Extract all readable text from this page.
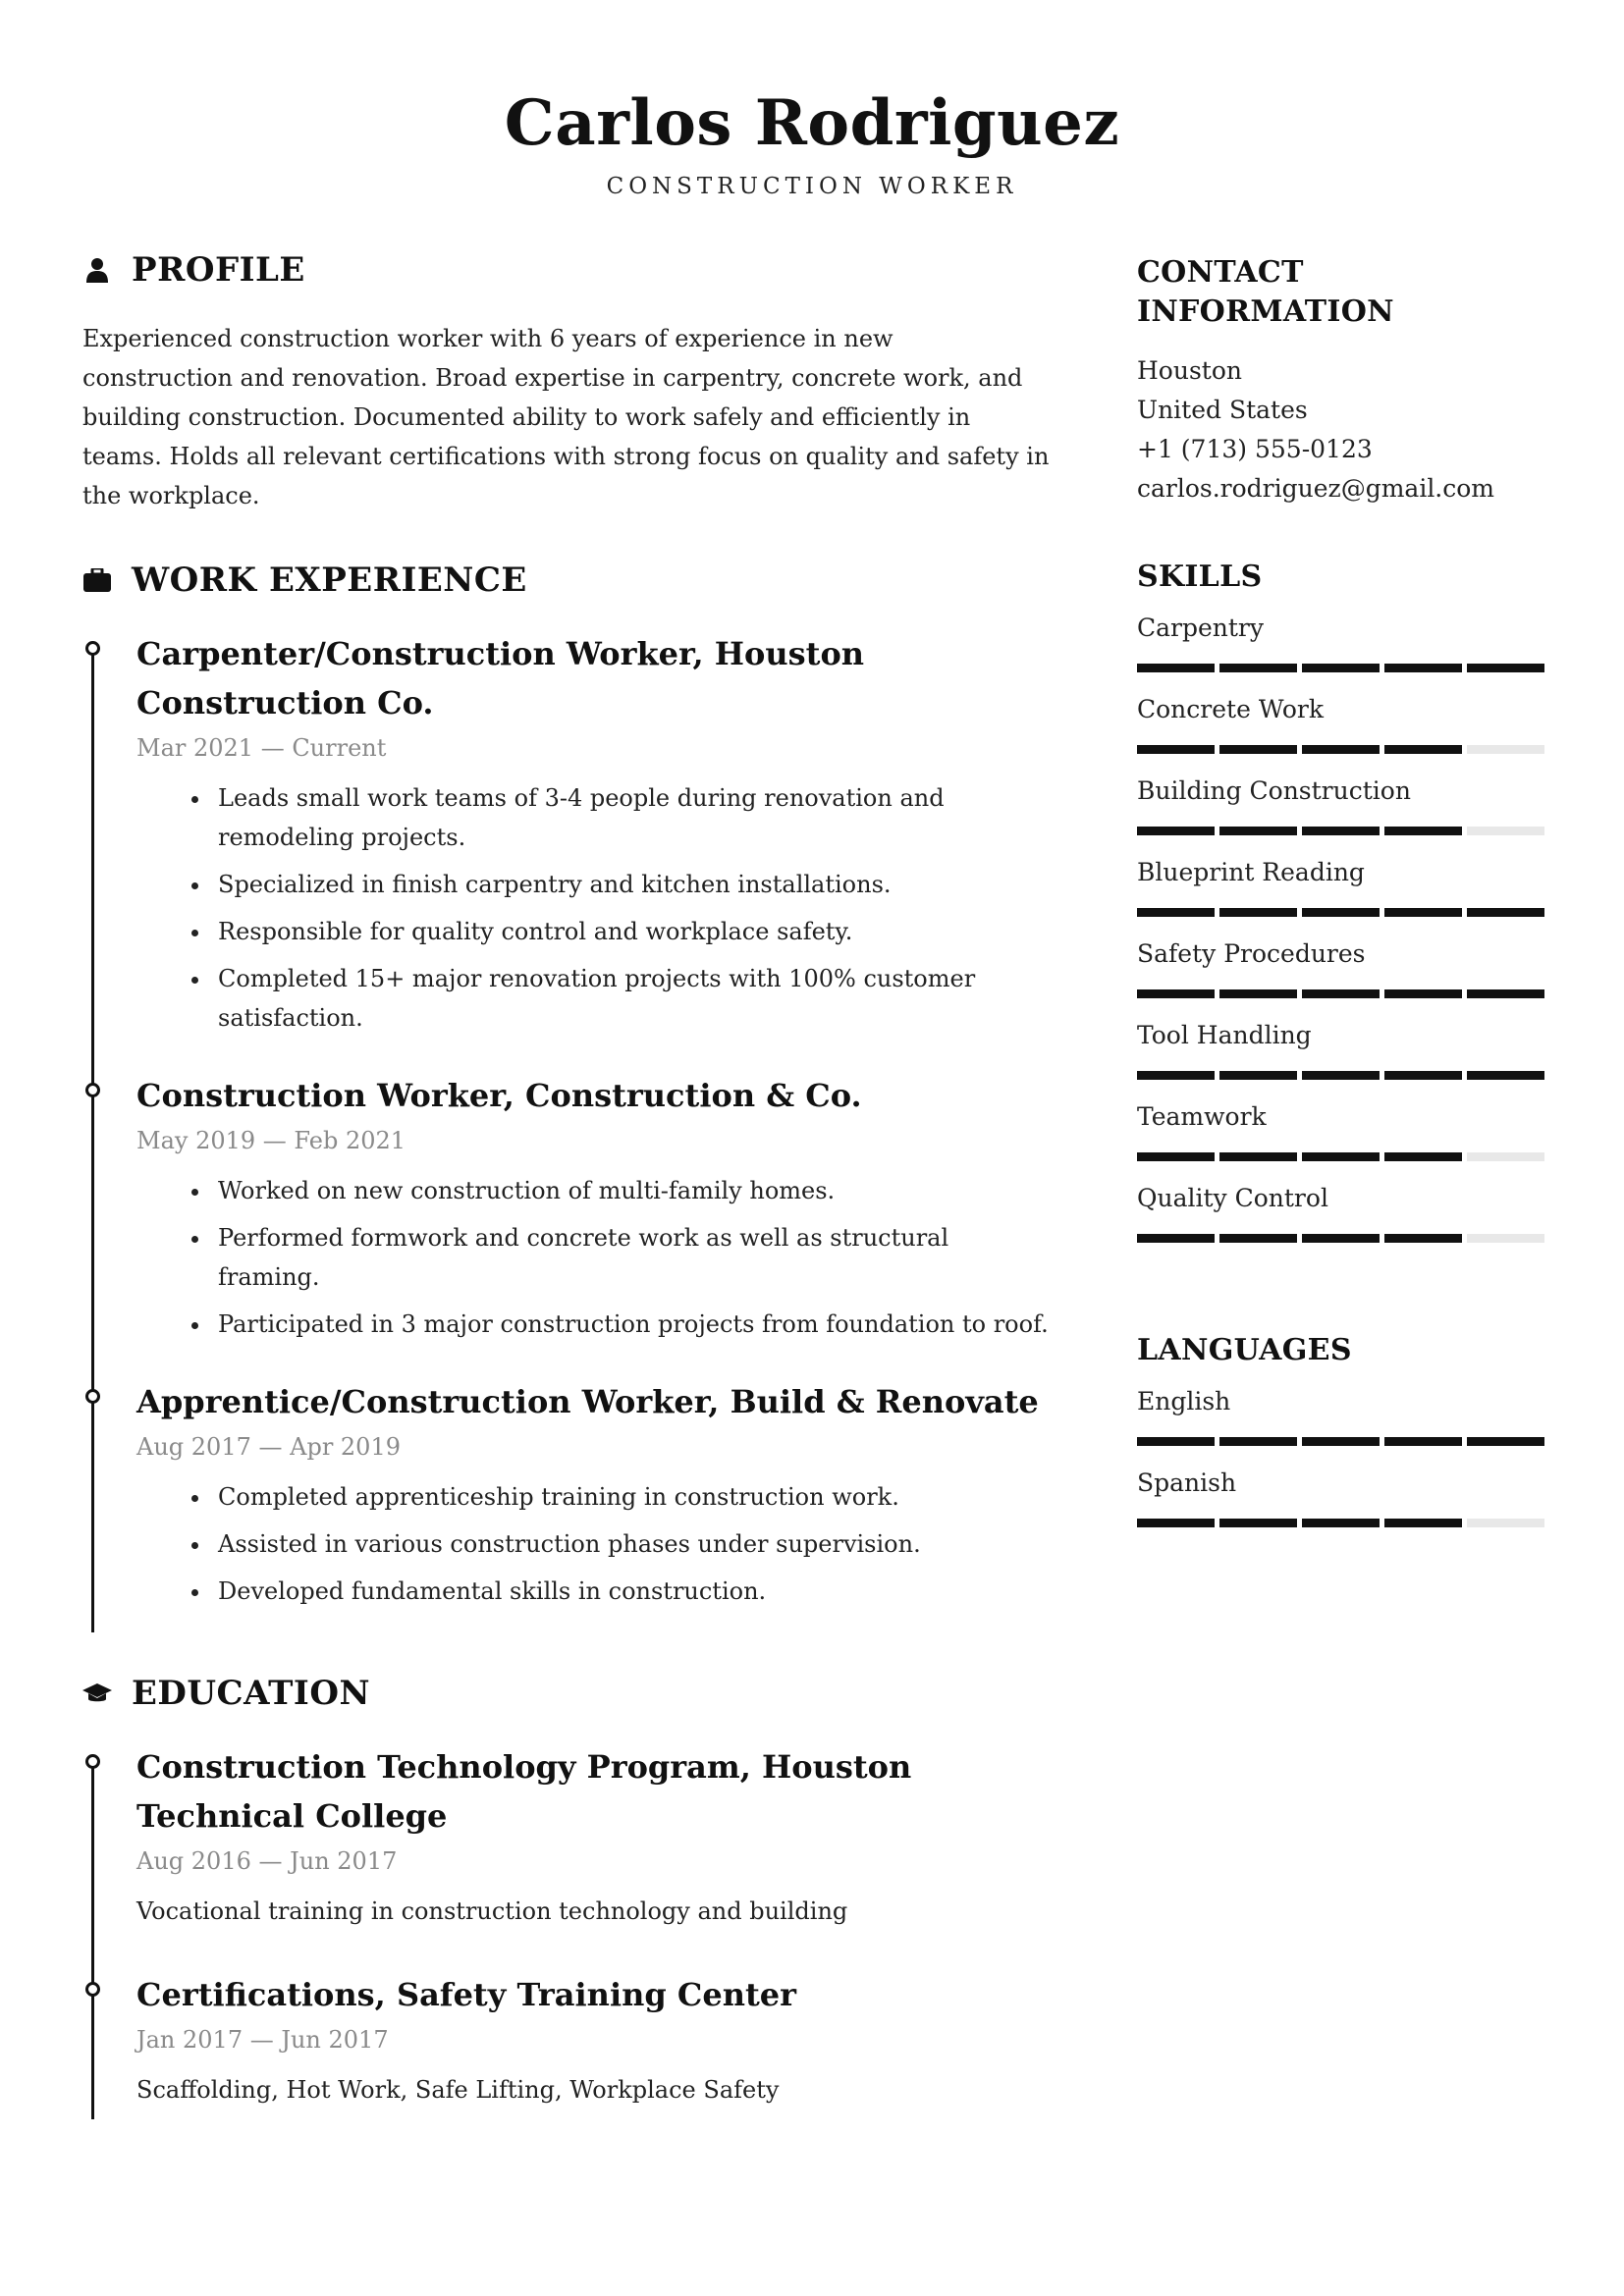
Carlos Rodriguez
CONSTRUCTION WORKER
PROFILE
Experienced construction worker with 6 years of experience in new construction and renovation. Broad expertise in carpentry, concrete work, and building construction. Documented ability to work safely and efficiently in teams. Holds all relevant certifications with strong focus on quality and safety in the workplace.
WORK EXPERIENCE
Carpenter/Construction Worker, Houston Construction Co.
Mar 2021 — Current
• Leads small work teams of 3-4 people during renovation and remodeling projects.
• Specialized in finish carpentry and kitchen installations.
• Responsible for quality control and workplace safety.
• Completed 15+ major renovation projects with 100% customer satisfaction.
Construction Worker, Construction & Co.
May 2019 — Feb 2021
• Worked on new construction of multi-family homes.
• Performed formwork and concrete work as well as structural framing.
• Participated in 3 major construction projects from foundation to roof.
Apprentice/Construction Worker, Build & Renovate
Aug 2017 — Apr 2019
• Completed apprenticeship training in construction work.
• Assisted in various construction phases under supervision.
• Developed fundamental skills in construction.
EDUCATION
Construction Technology Program, Houston Technical College
Aug 2016 — Jun 2017
Vocational training in construction technology and building
Certifications, Safety Training Center
Jan 2017 — Jun 2017
Scaffolding, Hot Work, Safe Lifting, Workplace Safety
CONTACT
INFORMATION
Houston
United States
+1 (713) 555-0123
carlos.rodriguez@gmail.com
SKILLS
Carpentry
Concrete Work
Building Construction
Blueprint Reading
Safety Procedures
Tool Handling
Teamwork
Quality Control
LANGUAGES
English
Spanish
